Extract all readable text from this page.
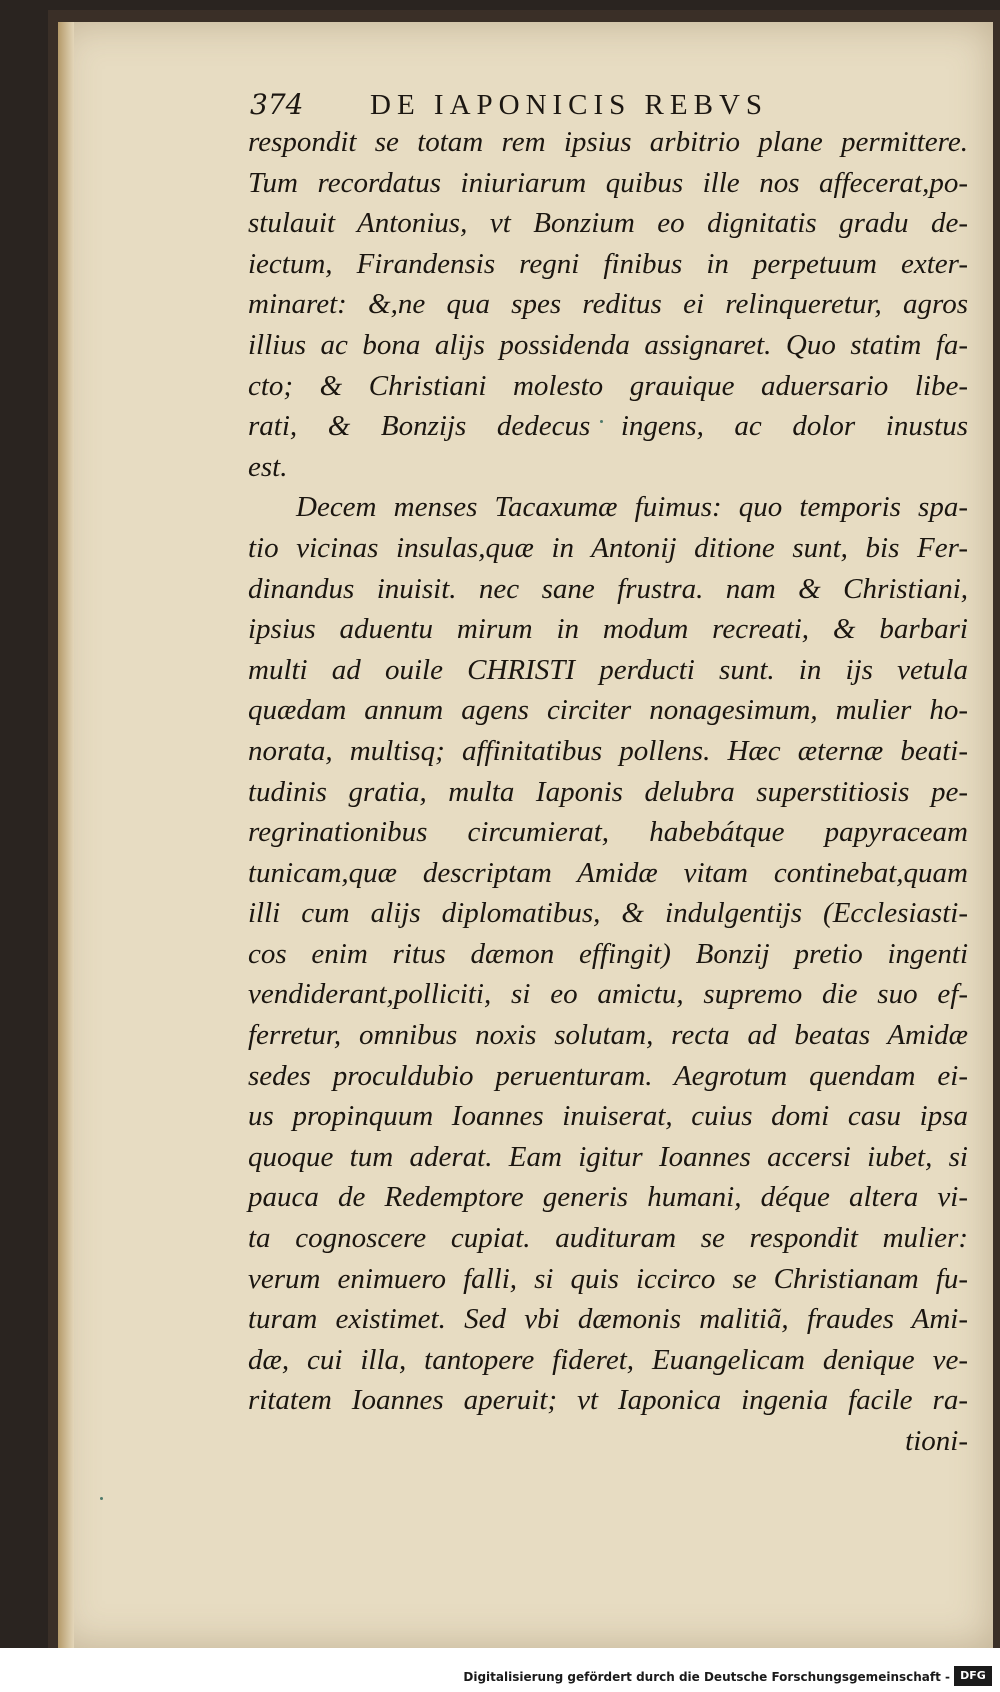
374	DE IAPONICIS REBVS
respondit se totam rem ipsius arbitrio plane permittere.
Tum recordatus iniuriarum quibus ille nos affecerat,po-
stulauit Antonius, vt Bonzium eo dignitatis gradu de-
iectum, Firandensis regni finibus in perpetuum exter-
minaret: &,ne qua spes reditus ei relinqueretur, agros
illius ac bona alijs possidenda assignaret. Quo statim fa-
cto; & Christiani molesto grauique aduersario libe-
rati, & Bonzijs dedecus ingens, ac dolor inustus
est.
Decem menses Tacaxumæ fuimus: quo temporis spa-
tio vicinas insulas,quæ in Antonij ditione sunt, bis Fer-
dinandus inuisit. nec sane frustra. nam & Christiani,
ipsius aduentu mirum in modum recreati, & barbari
multi ad ouile CHRISTI perducti sunt. in ijs vetula
quædam annum agens circiter nonagesimum, mulier ho-
norata, multisq; affinitatibus pollens. Hæc æternæ beati-
tudinis gratia, multa Iaponis delubra superstitiosis pe-
regrinationibus circumierat, habebátque papyraceam
tunicam,quæ descriptam Amidæ vitam continebat,quam
illi cum alijs diplomatibus, & indulgentijs (Ecclesiasti-
cos enim ritus dæmon effingit) Bonzij pretio ingenti
vendiderant,polliciti, si eo amictu, supremo die suo ef-
ferretur, omnibus noxis solutam, recta ad beatas Amidæ
sedes proculdubio peruenturam. Aegrotum quendam ei-
us propinquum Ioannes inuiserat, cuius domi casu ipsa
quoque tum aderat. Eam igitur Ioannes accersi iubet, si
pauca de Redemptore generis humani, déque altera vi-
ta cognoscere cupiat. audituram se respondit mulier:
verum enimuero falli, si quis iccirco se Christianam fu-
turam existimet. Sed vbi dæmonis malitiã, fraudes Ami-
dæ, cui illa, tantopere fideret, Euangelicam denique ve-
ritatem Ioannes aperuit; vt Iaponica ingenia facile ra-
tioni-
Digitalisierung gefördert durch die Deutsche Forschungsgemeinschaft - DFG
